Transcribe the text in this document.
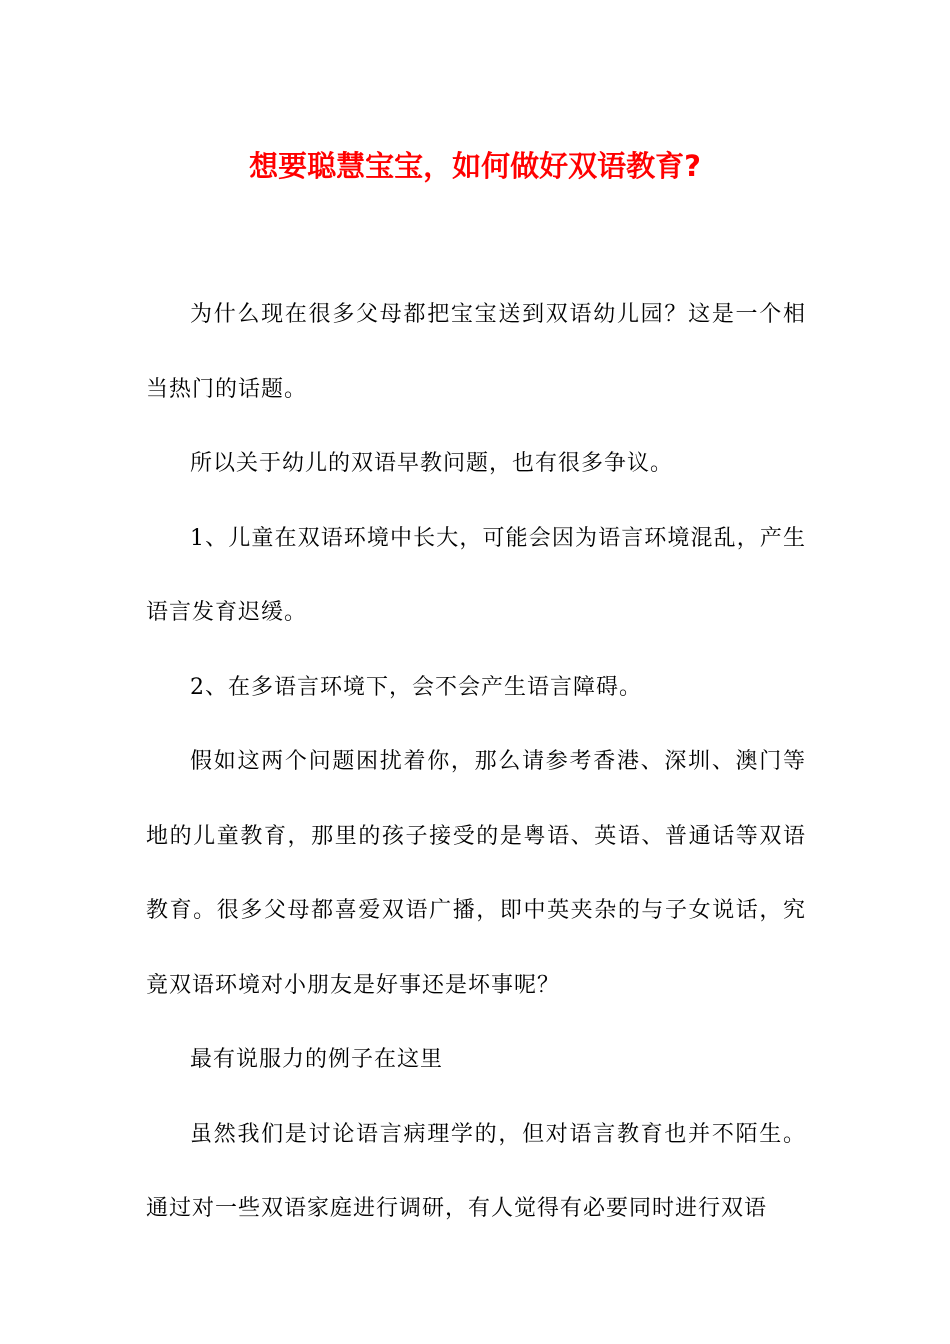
想要聪慧宝宝，如何做好双语教育?

为什么现在很多父母都把宝宝送到双语幼儿园？这是一个相当热门的话题。

所以关于幼儿的双语早教问题，也有很多争议。

1、儿童在双语环境中长大，可能会因为语言环境混乱，产生语言发育迟缓。

2、在多语言环境下，会不会产生语言障碍。

假如这两个问题困扰着你，那么请参考香港、深圳、澳门等地的儿童教育，那里的孩子接受的是粤语、英语、普通话等双语教育。很多父母都喜爱双语广播，即中英夹杂的与子女说话，究竟双语环境对小朋友是好事还是坏事呢？

最有说服力的例子在这里

虽然我们是讨论语言病理学的，但对语言教育也并不陌生。通过对一些双语家庭进行调研，有人觉得有必要同时进行双语
